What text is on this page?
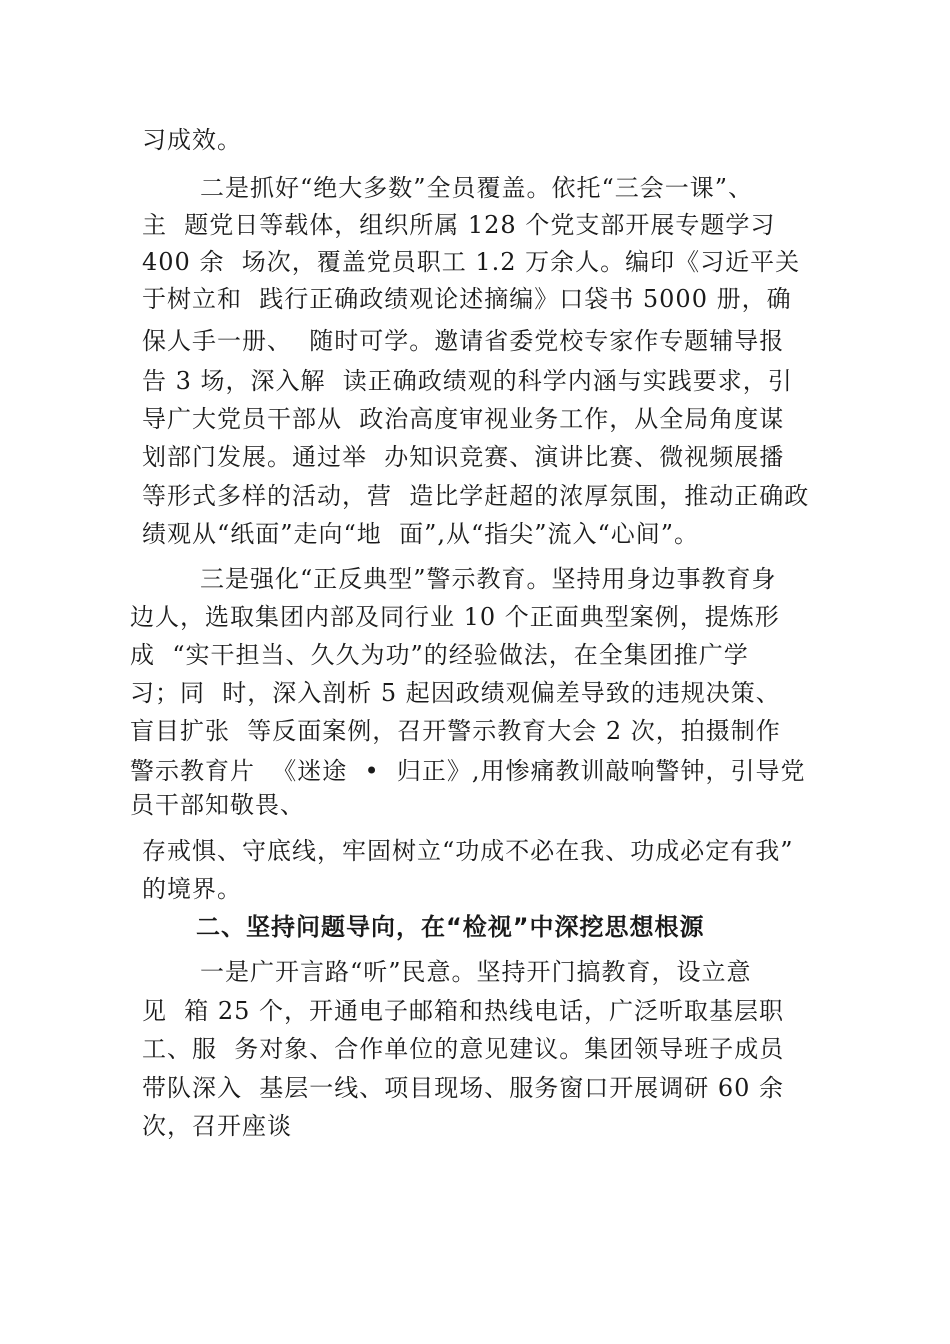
习成效。
二是抓好“绝大多数”全员覆盖。依托“三会一课”、
主  题党日等载体，组织所属 128 个党支部开展专题学习
400 余  场次，覆盖党员职工 1.2 万余人。编印《习近平关
于树立和  践行正确政绩观论述摘编》口袋书 5000 册，确
保人手一册、  随时可学。邀请省委党校专家作专题辅导报
告 3 场，深入解  读正确政绩观的科学内涵与实践要求，引
导广大党员干部从  政治高度审视业务工作，从全局角度谋
划部门发展。通过举  办知识竞赛、演讲比赛、微视频展播
等形式多样的活动，营  造比学赶超的浓厚氛围，推动正确政
绩观从“纸面”走向“地  面”,从“指尖”流入“心间”。
三是强化“正反典型”警示教育。坚持用身边事教育身
边人，选取集团内部及同行业 10 个正面典型案例，提炼形
成  “实干担当、久久为功”的经验做法，在全集团推广学
习；同  时，深入剖析 5 起因政绩观偏差导致的违规决策、
盲目扩张  等反面案例，召开警示教育大会 2 次，拍摄制作
警示教育片  《迷途  •  归正》,用惨痛教训敲响警钟，引导党
员干部知敬畏、
存戒惧、守底线，牢固树立“功成不必在我、功成必定有我”
的境界。
二、坚持问题导向，在“检视”中深挖思想根源
一是广开言路“听”民意。坚持开门搞教育，设立意
见  箱 25 个，开通电子邮箱和热线电话，广泛听取基层职
工、服  务对象、合作单位的意见建议。集团领导班子成员
带队深入  基层一线、项目现场、服务窗口开展调研 60 余
次，召开座谈
